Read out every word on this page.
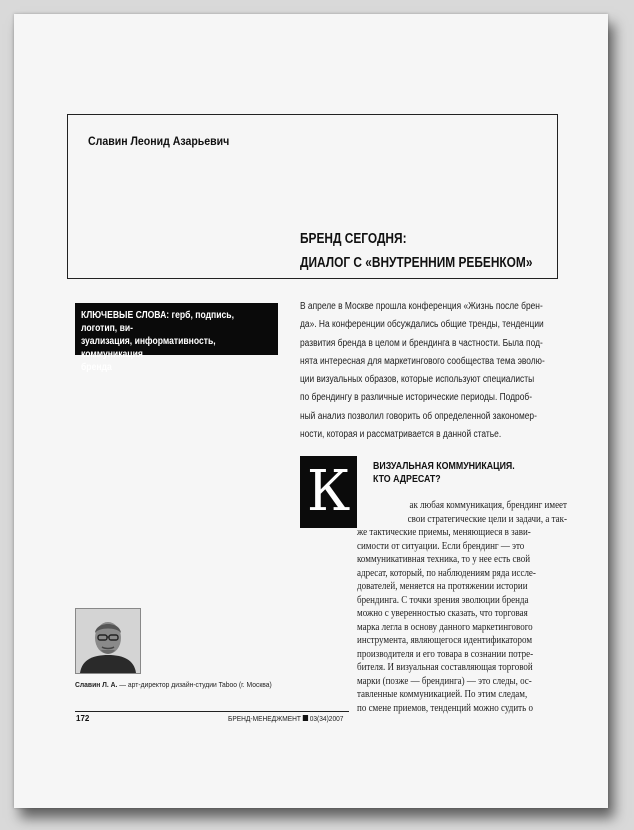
Славин Леонид Азарьевич
БРЕНД СЕГОДНЯ:
ДИАЛОГ С «ВНУТРЕННИМ РЕБЕНКОМ»
КЛЮЧЕВЫЕ СЛОВА: герб, подпись, логотип, ви-
зуализация, информативность, коммуникация
бренда
В апреле в Москве прошла конференция «Жизнь после брен-
да». На конференции обсуждались общие тренды, тенденции
развития бренда в целом и брендинга в частности. Была под-
нята интересная для маркетингового сообщества тема эволю-
ции визуальных образов, которые используют специалисты
по брендингу в различные исторические периоды. Подроб-
ный анализ позволил говорить об определенной закономер-
ности, которая и рассматривается в данной статье.
К	ВИЗУАЛЬНАЯ КОММУНИКАЦИЯ.
КТО АДРЕСАТ?
ак любая коммуникация, брендинг имеет
свои стратегические цели и задачи, а так-
же тактические приемы, меняющиеся в зави-
симости от ситуации. Если брендинг — это
коммуникативная техника, то у нее есть свой
адресат, который, по наблюдениям ряда иссле-
дователей, меняется на протяжении истории
брендинга. С точки зрения эволюции бренда
можно с уверенностью сказать, что торговая
марка легла в основу данного маркетингового
инструмента, являющегося идентификатором
производителя и его товара в сознании потре-
бителя. И визуальная составляющая торговой
марки (позже — брендинга) — это следы, ос-
тавленные коммуникацией. По этим следам,
по смене приемов, тенденций можно судить о
Славин Л. А. — арт-директор дизайн-студии Taboo (г. Москва)
172	БРЕНД-МЕНЕДЖМЕНТ 03(34)2007
